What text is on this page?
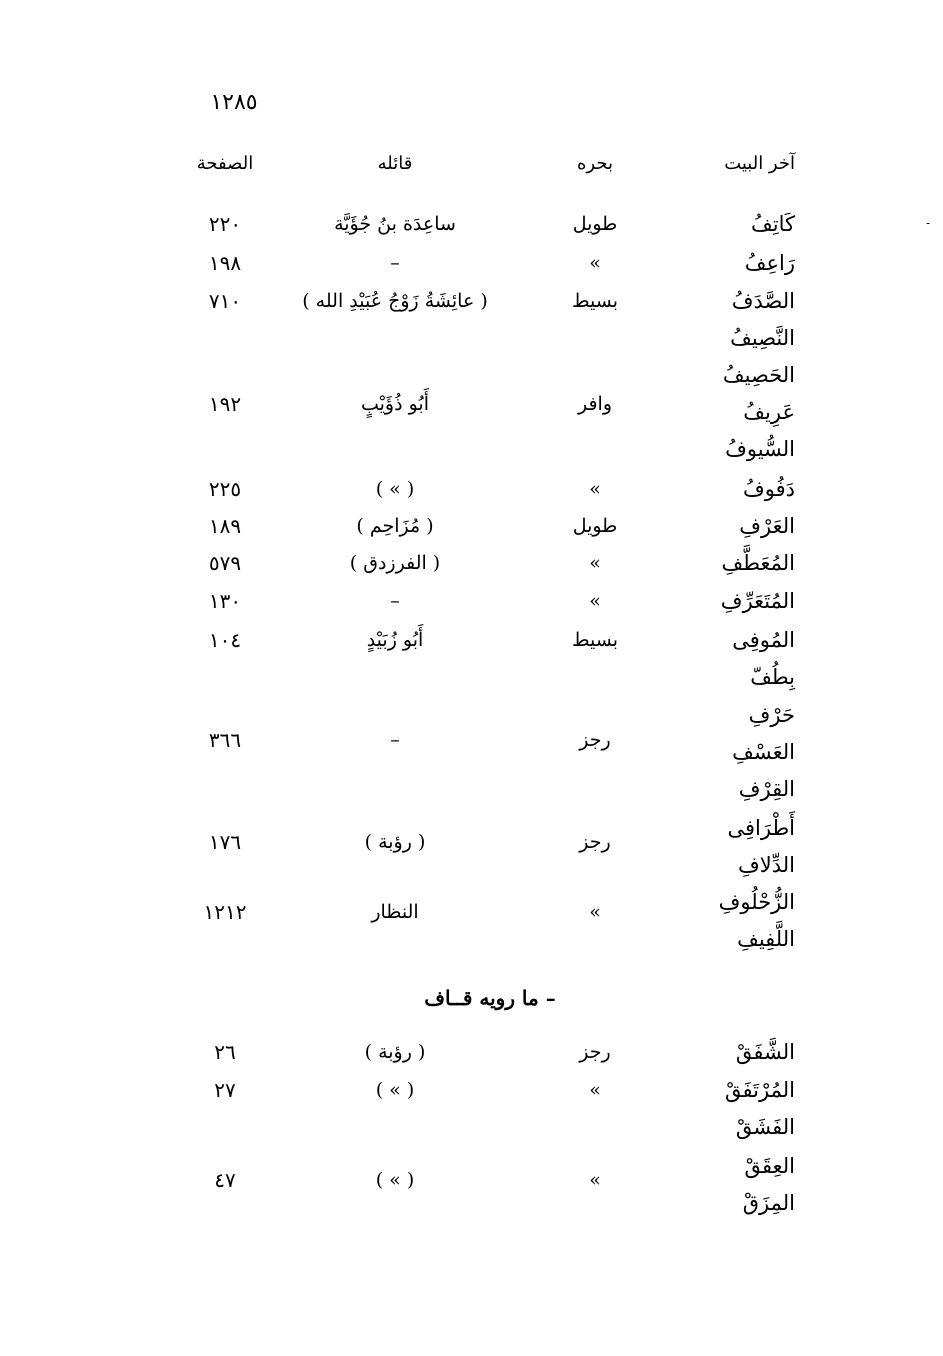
١٢٨٥
-
آخر البيت
بحره
قائله
الصفحة
كَاتِفُ
طويل
ساعِدَة بنُ جُؤَيَّة
٢٢٠
رَاعِفُ
»
–
١٩٨
الصَّدَفُ
بسيط
( عائِشَةُ زَوْجُ عُبَيْدِ الله )
٧١٠
النَّصِيفُ
الحَصِيفُ
عَرِيفُ
السُّيوفُ
وافر
أَبُو ذُؤَيْبٍ
١٩٢
دَفُوفُ
»
( » )
٢٢٥
العَرْفِ
طويل
( مُزَاحِم )
١٨٩
المُعَطَّفِ
»
( الفرزدق )
٥٧٩
المُتَعَرِّفِ
»
–
١٣٠
المُوفِى
بِطُفّ
بسيط
أَبُو زُبَيْدٍ
١٠٤
حَرْفِ
العَسْفِ
القِرْفِ
رجز
–
٣٦٦
أَطْرَافِى
الدِّلافِ
رجز
( رؤبة )
١٧٦
الزُّحْلُوفِ
اللَّفِيفِ
»
النظار
١٢١٢
– ما رويه قــاف
الشَّفَقْ
رجز
( رؤبة )
٢٦
المُرْتَفَقْ
الفَشَقْ
»
( » )
٢٧
العِقَقْ
المِزَقْ
»
( » )
٤٧
